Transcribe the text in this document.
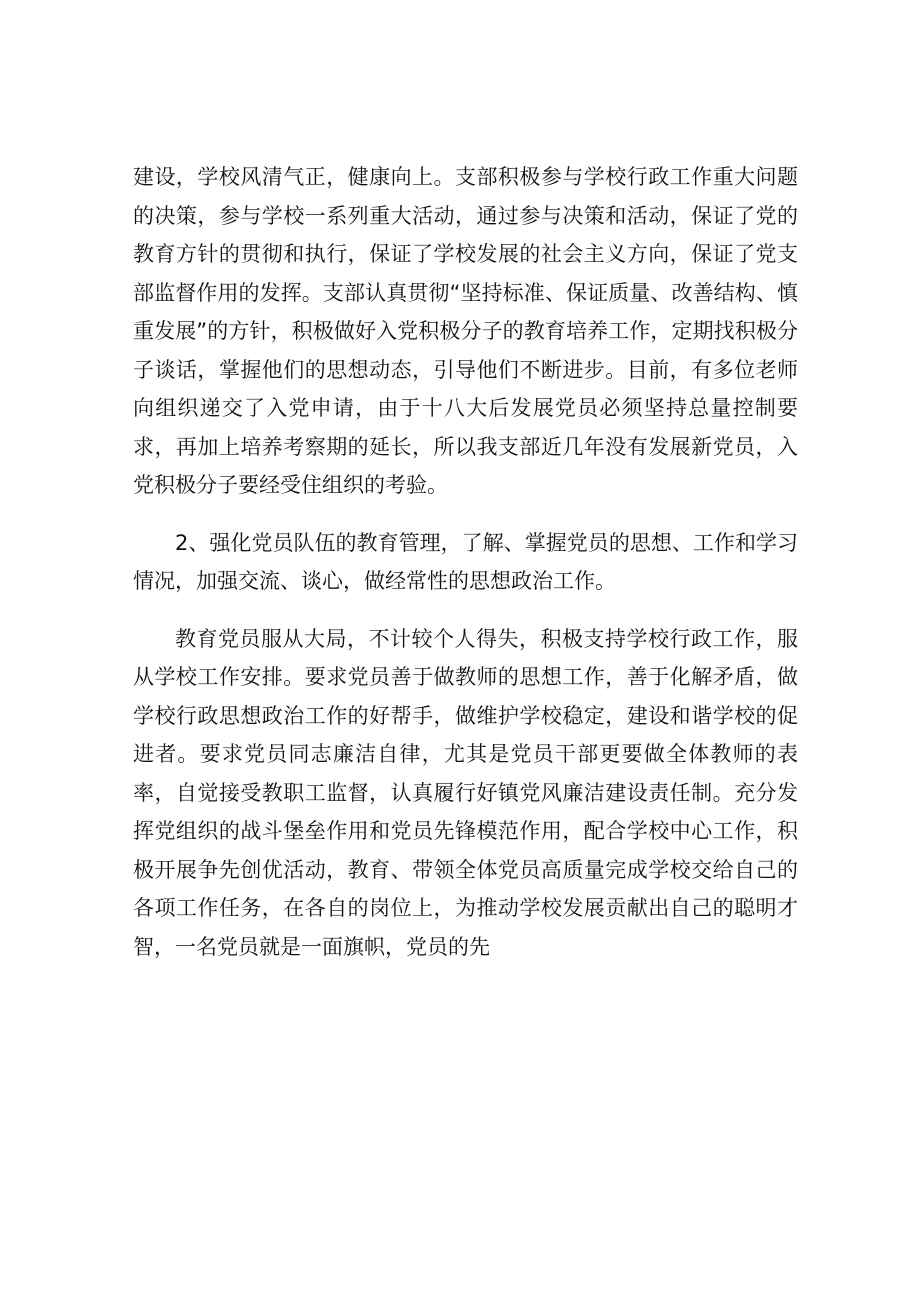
建设，学校风清气正，健康向上。支部积极参与学校行政工作重大问题的决策，参与学校一系列重大活动，通过参与决策和活动，保证了党的教育方针的贯彻和执行，保证了学校发展的社会主义方向，保证了党支部监督作用的发挥。支部认真贯彻“坚持标准、保证质量、改善结构、慎重发展”的方针，积极做好入党积极分子的教育培养工作，定期找积极分子谈话，掌握他们的思想动态，引导他们不断进步。目前，有多位老师向组织递交了入党申请，由于十八大后发展党员必须坚持总量控制要求，再加上培养考察期的延长，所以我支部近几年没有发展新党员，入党积极分子要经受住组织的考验。

2、强化党员队伍的教育管理，了解、掌握党员的思想、工作和学习情况，加强交流、谈心，做经常性的思想政治工作。

教育党员服从大局，不计较个人得失，积极支持学校行政工作，服从学校工作安排。要求党员善于做教师的思想工作，善于化解矛盾，做学校行政思想政治工作的好帮手，做维护学校稳定，建设和谐学校的促进者。要求党员同志廉洁自律，尤其是党员干部更要做全体教师的表率，自觉接受教职工监督，认真履行好镇党风廉洁建设责任制。充分发挥党组织的战斗堡垒作用和党员先锋模范作用，配合学校中心工作，积极开展争先创优活动，教育、带领全体党员高质量完成学校交给自己的各项工作任务，在各自的岗位上，为推动学校发展贡献出自己的聪明才智，一名党员就是一面旗帜，党员的先
